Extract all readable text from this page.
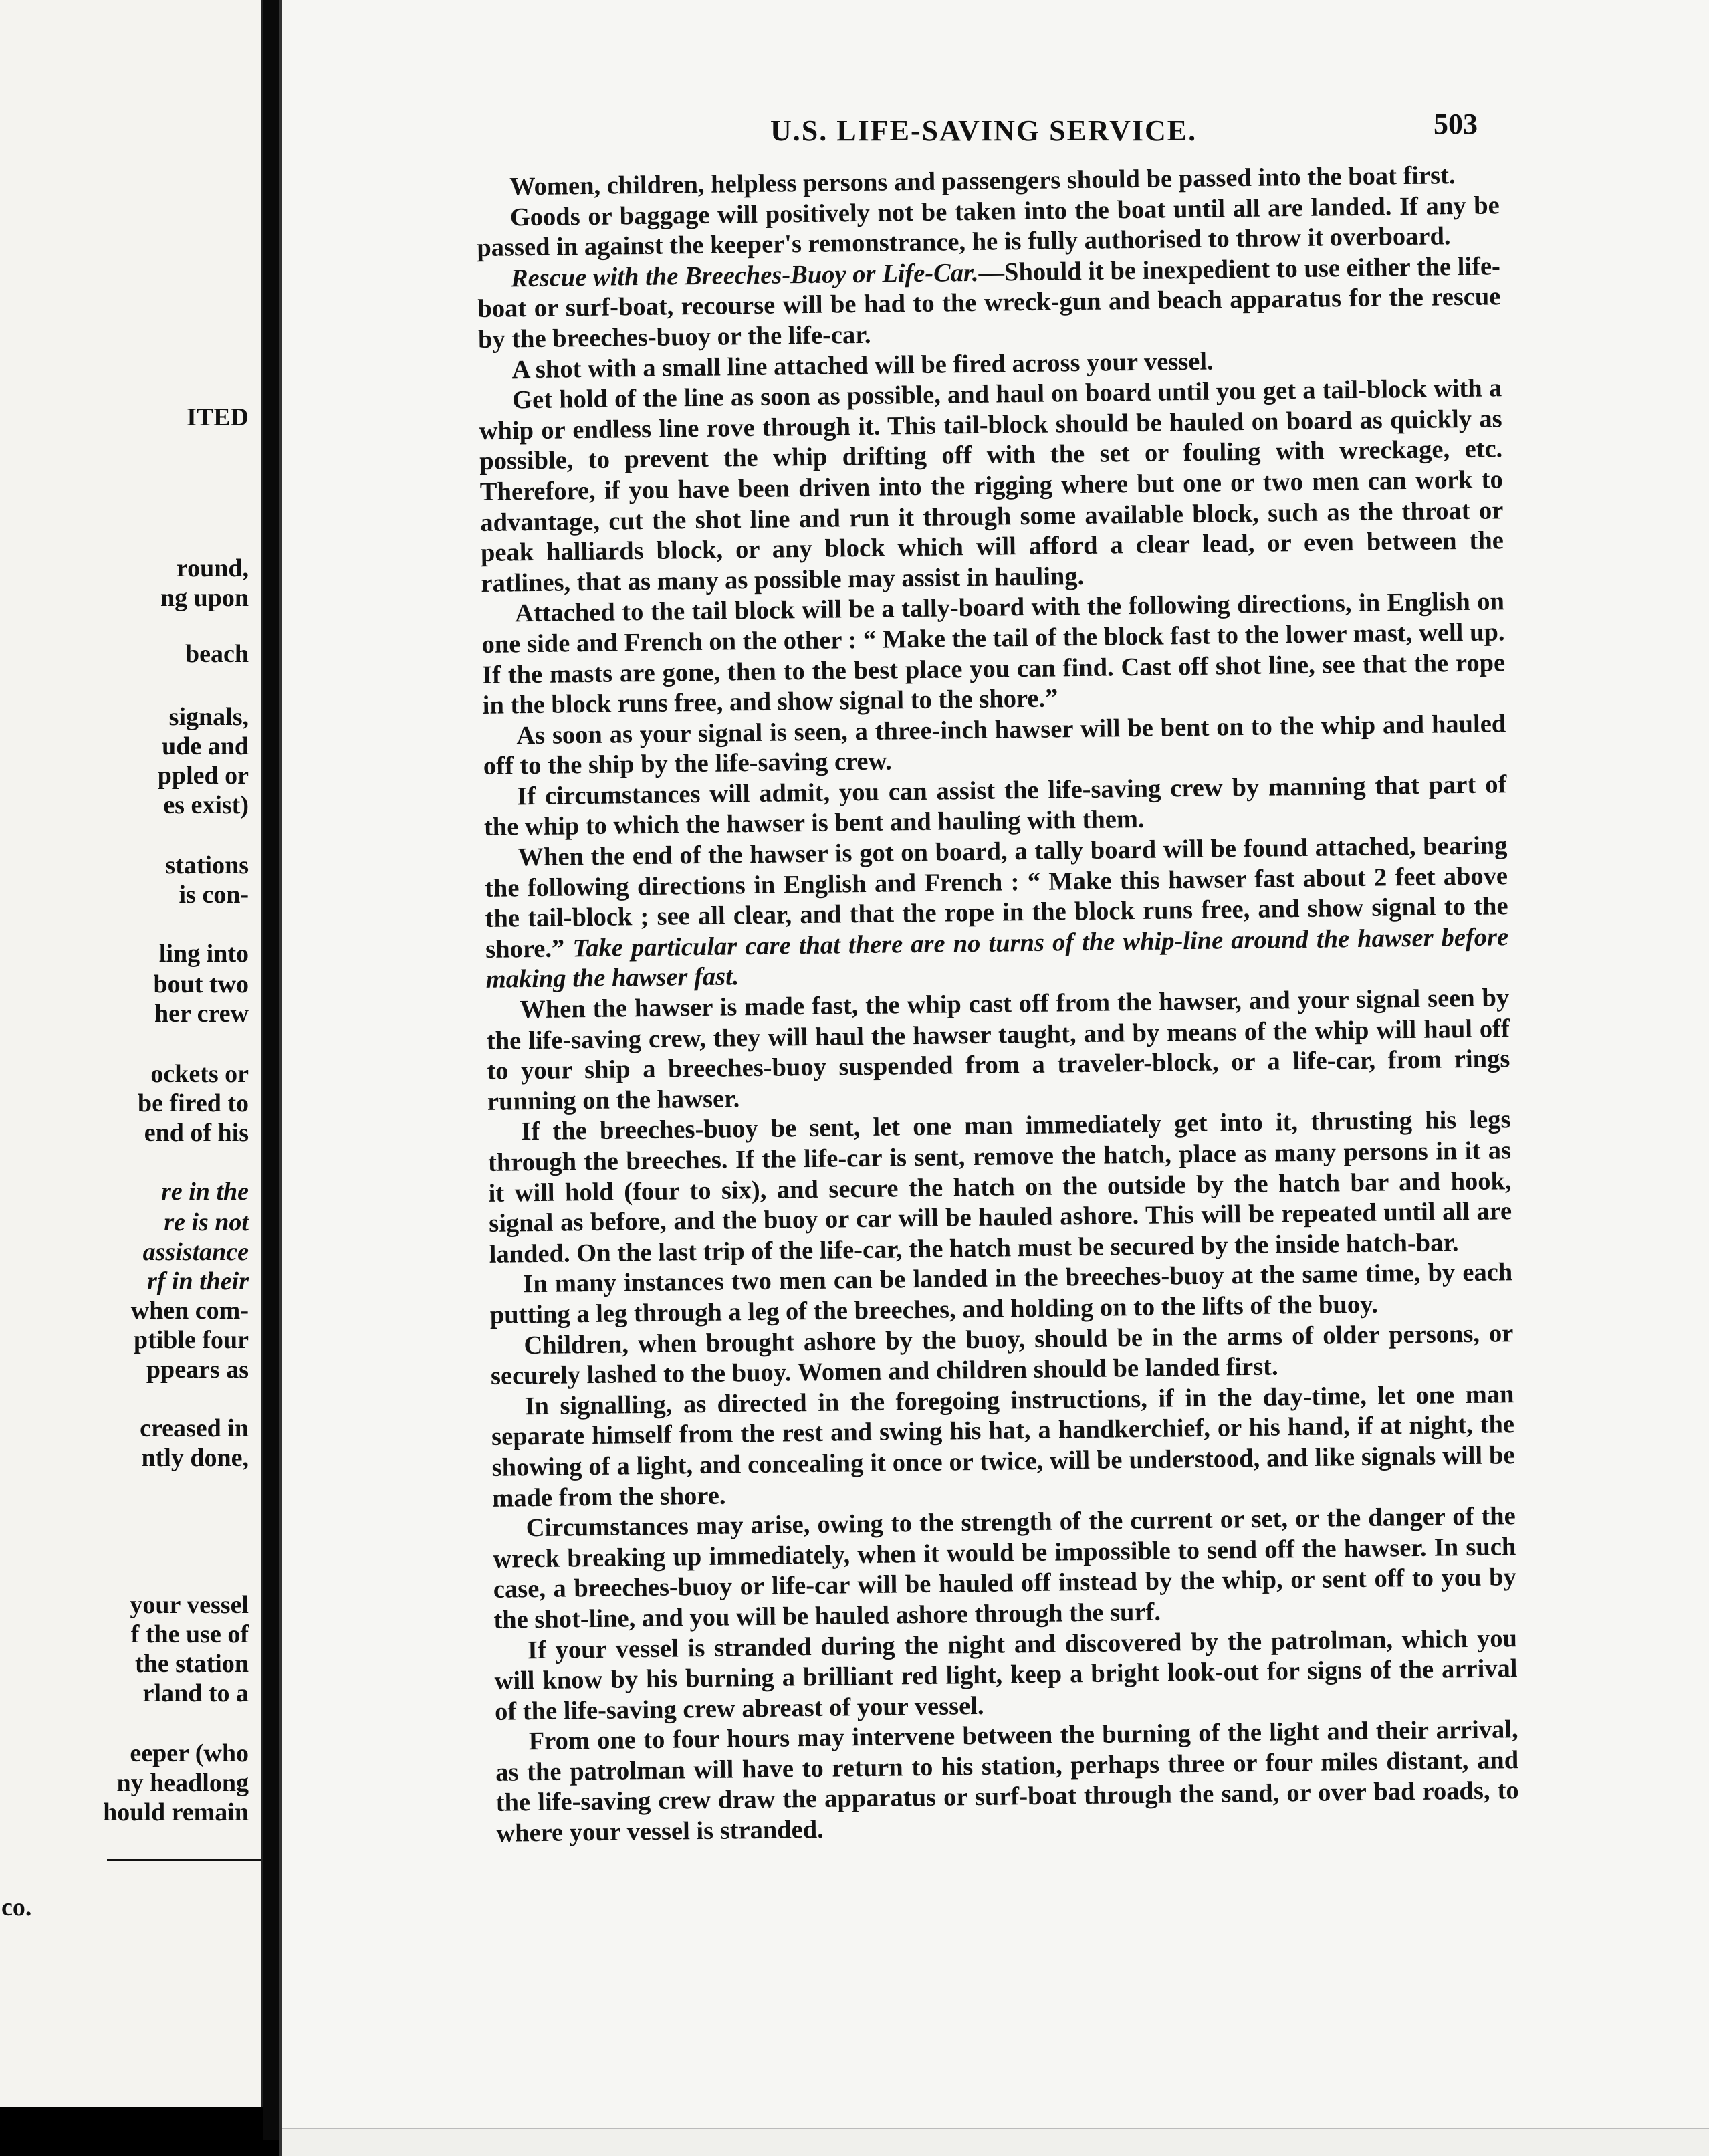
ITED
round,
ng upon
beach
signals,
ude and
ppled or
es exist)
stations
is con-
ling into
bout two
her crew
ockets or
be fired to
end of his
re in the
re is not
assistance
rf in their
when com-
ptible four
ppears as
creased in
ntly done,
your vessel
f the use of
the station
rland to a
eeper (who
ny headlong
hould remain
co.
U.S. LIFE-SAVING SERVICE.	503

Women, children, helpless persons and passengers should be passed into the boat first.

Goods or baggage will positively not be taken into the boat until all are landed. If any be passed in against the keeper's remonstrance, he is fully authorised to throw it overboard.

Rescue with the Breeches-Buoy or Life-Car.—Should it be inexpedient to use either the life-boat or surf-boat, recourse will be had to the wreck-gun and beach apparatus for the rescue by the breeches-buoy or the life-car.

A shot with a small line attached will be fired across your vessel.

Get hold of the line as soon as possible, and haul on board until you get a tail-block with a whip or endless line rove through it. This tail-block should be hauled on board as quickly as possible, to prevent the whip drifting off with the set or fouling with wreckage, etc. Therefore, if you have been driven into the rigging where but one or two men can work to advantage, cut the shot line and run it through some available block, such as the throat or peak halliards block, or any block which will afford a clear lead, or even between the ratlines, that as many as possible may assist in hauling.

Attached to the tail block will be a tally-board with the following directions, in English on one side and French on the other : “ Make the tail of the block fast to the lower mast, well up. If the masts are gone, then to the best place you can find. Cast off shot line, see that the rope in the block runs free, and show signal to the shore.”

As soon as your signal is seen, a three-inch hawser will be bent on to the whip and hauled off to the ship by the life-saving crew.

If circumstances will admit, you can assist the life-saving crew by manning that part of the whip to which the hawser is bent and hauling with them.

When the end of the hawser is got on board, a tally board will be found attached, bearing the following directions in English and French : “ Make this hawser fast about 2 feet above the tail-block ; see all clear, and that the rope in the block runs free, and show signal to the shore.” Take particular care that there are no turns of the whip-line around the hawser before making the hawser fast.

When the hawser is made fast, the whip cast off from the hawser, and your signal seen by the life-saving crew, they will haul the hawser taught, and by means of the whip will haul off to your ship a breeches-buoy suspended from a traveler-block, or a life-car, from rings running on the hawser.

If the breeches-buoy be sent, let one man immediately get into it, thrusting his legs through the breeches. If the life-car is sent, remove the hatch, place as many persons in it as it will hold (four to six), and secure the hatch on the outside by the hatch bar and hook, signal as before, and the buoy or car will be hauled ashore. This will be repeated until all are landed. On the last trip of the life-car, the hatch must be secured by the inside hatch-bar.

In many instances two men can be landed in the breeches-buoy at the same time, by each putting a leg through a leg of the breeches, and holding on to the lifts of the buoy.

Children, when brought ashore by the buoy, should be in the arms of older persons, or securely lashed to the buoy. Women and children should be landed first.

In signalling, as directed in the foregoing instructions, if in the day-time, let one man separate himself from the rest and swing his hat, a handkerchief, or his hand, if at night, the showing of a light, and concealing it once or twice, will be understood, and like signals will be made from the shore.

Circumstances may arise, owing to the strength of the current or set, or the danger of the wreck breaking up immediately, when it would be impossible to send off the hawser. In such case, a breeches-buoy or life-car will be hauled off instead by the whip, or sent off to you by the shot-line, and you will be hauled ashore through the surf.

If your vessel is stranded during the night and discovered by the patrolman, which you will know by his burning a brilliant red light, keep a bright look-out for signs of the arrival of the life-saving crew abreast of your vessel.

From one to four hours may intervene between the burning of the light and their arrival, as the patrolman will have to return to his station, perhaps three or four miles distant, and the life-saving crew draw the apparatus or surf-boat through the sand, or over bad roads, to where your vessel is stranded.
